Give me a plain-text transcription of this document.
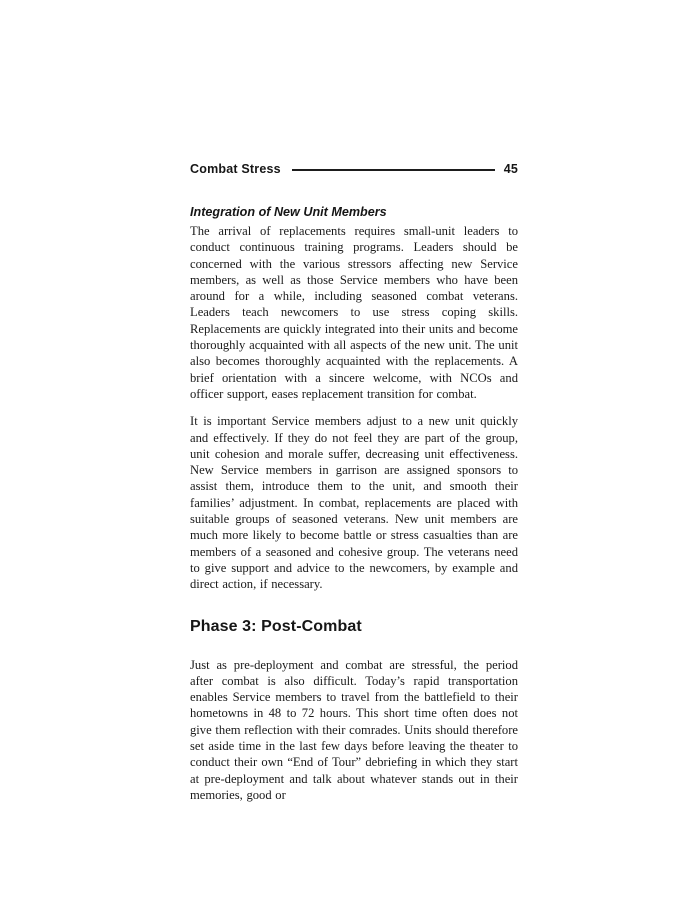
Combat Stress	45
Integration of New Unit Members

The arrival of replacements requires small-unit leaders to conduct continuous training programs. Leaders should be concerned with the various stressors affecting new Service members, as well as those Service members who have been around for a while, including seasoned combat veterans. Leaders teach newcomers to use stress coping skills. Replacements are quickly integrated into their units and become thoroughly acquainted with all aspects of the new unit. The unit also becomes thoroughly acquainted with the replacements. A brief orientation with a sincere welcome, with NCOs and officer support, eases replacement transition for combat.

It is important Service members adjust to a new unit quickly and effectively. If they do not feel they are part of the group, unit cohesion and morale suffer, decreasing unit effectiveness. New Service members in garrison are assigned sponsors to assist them, introduce them to the unit, and smooth their families’ adjustment. In combat, replacements are placed with suitable groups of seasoned veterans. New unit members are much more likely to become battle or stress casualties than are members of a seasoned and cohesive group. The veterans need to give support and advice to the newcomers, by example and direct action, if necessary.

Phase 3: Post-Combat

Just as pre-deployment and combat are stressful, the period after combat is also difficult. Today’s rapid transportation enables Service members to travel from the battlefield to their hometowns in 48 to 72 hours. This short time often does not give them reflection with their comrades. Units should therefore set aside time in the last few days before leaving the theater to conduct their own “End of Tour” debriefing in which they start at pre-deployment and talk about whatever stands out in their memories, good or
